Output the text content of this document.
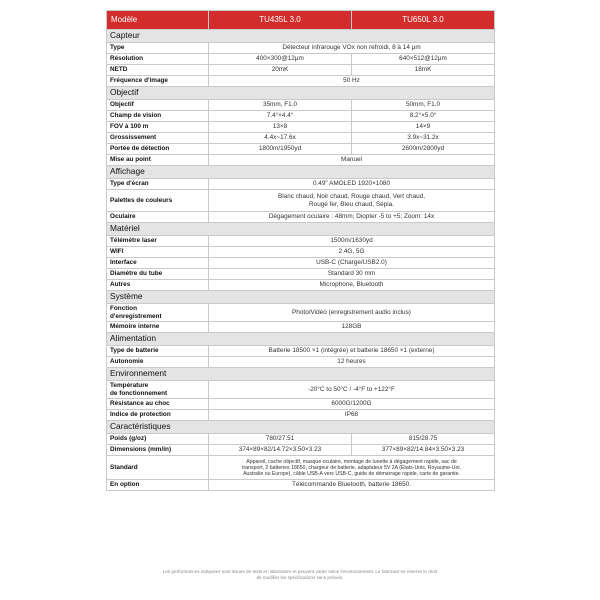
Modèle	TU435L 3.0	TU650L 3.0
Capteur		
Type	Détecteur infrarouge VOx non refroidi, 8 à 14 μm	
Résolution	400×300@12μm	640×512@12μm
NETD	20mK	18mK
Fréquence d'image	50 Hz	
Objectif		
Objectif	35mm, F1.0	50mm, F1.0
Champ de vision	7.4°×4.4°	8.2°×5.0°
FOV à 100 m	13×8	14×9
Grossissement	4.4x~17.6x	3.9x~31.2x
Portée de détection	1800m/1950yd	2600m/2800yd
Mise au point	Manuel	
Affichage		
Type d'écran	0.49" AMOLED 1920×1080	
Palettes de couleurs	Blanc chaud, Noir chaud, Rouge chaud, Vert chaud,
Rouge fer, Bleu chaud, Sépia.	

Oculaire	Dégagement oculaire : 48mm; Diopter -5 to +5; Zoom: 14x	
Matériel		
Télémètre laser	1500m/1630yd	
WIFI	2.4G, 5G	
Interface	USB-C (Charge/USB2.0)	
Diamètre du tube	Standard 30 mm	
Autres	Microphone, Bluetooth	
Système		

Fonction
d'enregistrement	Photo/Vidéo (enregistrement audio inclus)	
Mémoire interne	128GB	
Alimentation		
Type de batterie	Batterie 18500 ×1 (intégrée) et batterie 18650 ×1 (externe)	
Autonomie	12 heures	
Environnement		

Température
de fonctionnement	-20°C to 50°C / -4°F to +122°F	
Résistance au choc	6000G/1200G	
Indice de protection	IP68	
Caractéristiques		
Poids (g/oz)	780/27.51	815/28.75
Dimensions (mm/in)	374×89×82/14.72×3.50×3.23	377×89×82/14.84×3.50×3.23
Standard	Appareil, cache objectif, masque oculaire, montage de lunette à dégagement rapide, sac de
transport, 2 batteries 18650, chargeur de batterie, adaptateur 5V 2A (États-Unis, Royaume-Uni,
Australie ou Europe), câble USB-A vers USB-C, guide de démarrage rapide, carte de garantie.	

En option	Télécommande Bluetooth, batterie 18650.	
Les performances indiquées sont issues de tests en laboratoire et peuvent varier selon l'environnement. Le fabricant se réserve le droit
de modifier les spécifications sans préavis.
